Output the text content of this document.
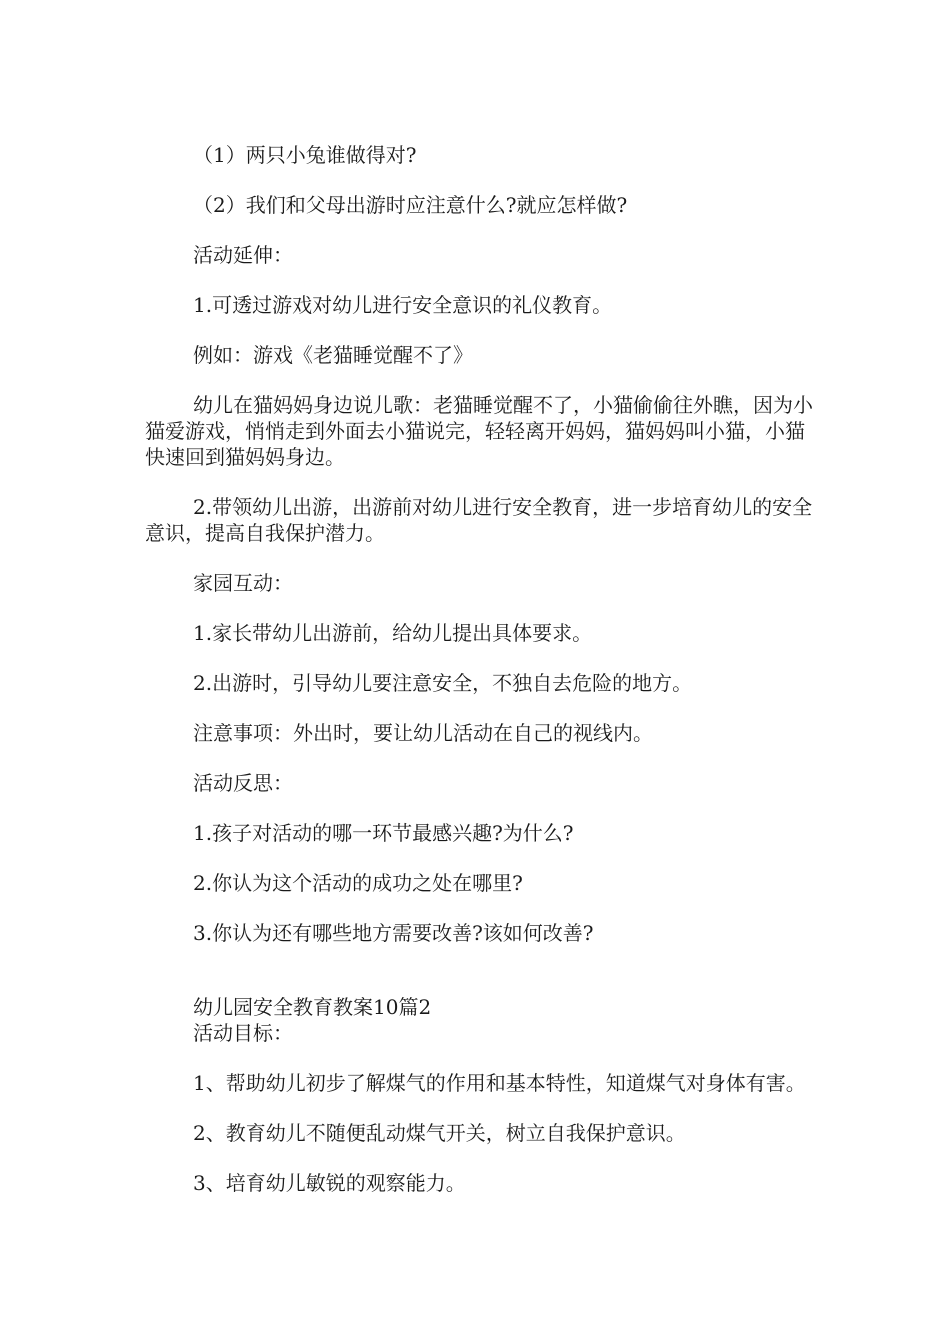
（1）两只小兔谁做得对?

（2）我们和父母出游时应注意什么?就应怎样做?

活动延伸：

1.可透过游戏对幼儿进行安全意识的礼仪教育。

例如：游戏《老猫睡觉醒不了》

幼儿在猫妈妈身边说儿歌：老猫睡觉醒不了，小猫偷偷往外瞧，因为小猫爱游戏，悄悄走到外面去小猫说完，轻轻离开妈妈，猫妈妈叫小猫，小猫快速回到猫妈妈身边。

2.带领幼儿出游，出游前对幼儿进行安全教育，进一步培育幼儿的安全意识，提高自我保护潜力。

家园互动：

1.家长带幼儿出游前，给幼儿提出具体要求。

2.出游时，引导幼儿要注意安全，不独自去危险的地方。

注意事项：外出时，要让幼儿活动在自己的视线内。

活动反思：

1.孩子对活动的哪一环节最感兴趣?为什么?

2.你认为这个活动的成功之处在哪里?

3.你认为还有哪些地方需要改善?该如何改善?

幼儿园安全教育教案10篇2

活动目标：

1、帮助幼儿初步了解煤气的作用和基本特性，知道煤气对身体有害。

2、教育幼儿不随便乱动煤气开关，树立自我保护意识。

3、培育幼儿敏锐的观察能力。
